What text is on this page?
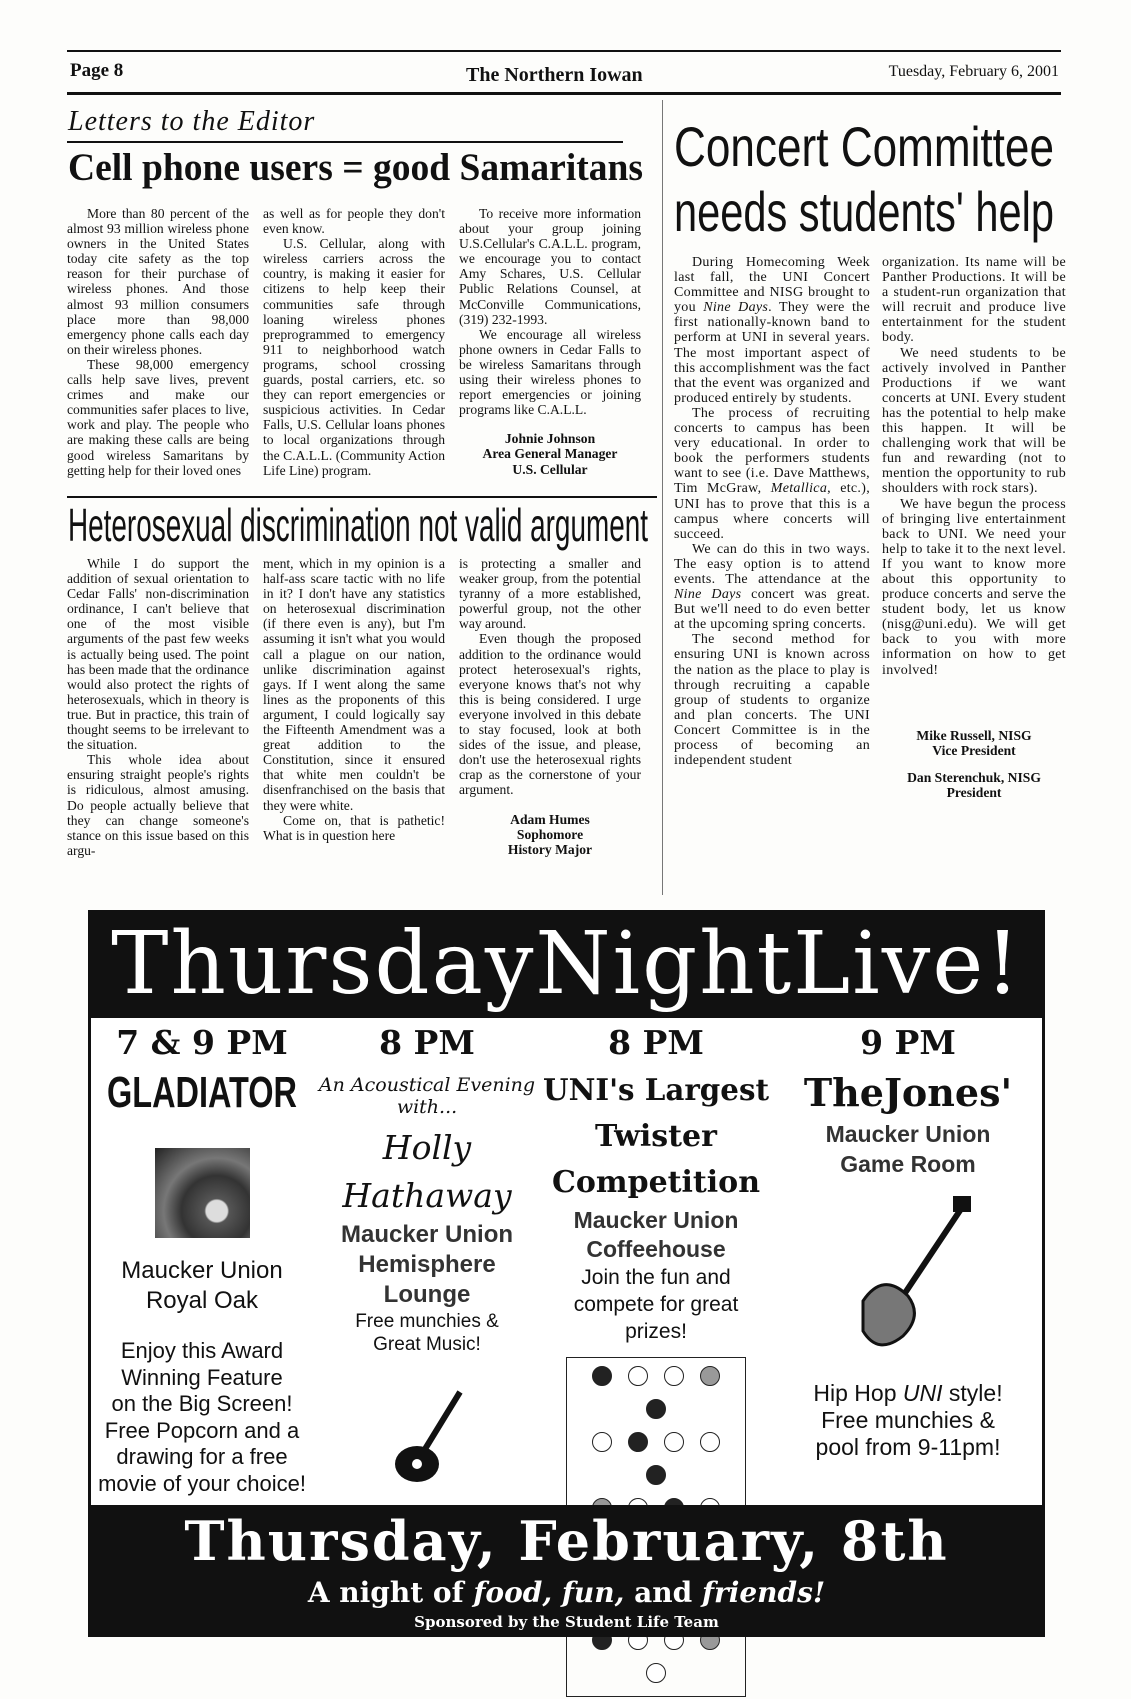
Page 8	The Northern Iowan	Tuesday, February 6, 2001
Letters to the Editor
Cell phone users = good Samaritans

More than 80 percent of the almost 93 million wireless phone owners in the United States today cite safety as the top reason for their purchase of wireless phones. And those almost 93 million consumers place more than 98,000 emergency phone calls each day on their wireless phones.

These 98,000 emergency calls help save lives, prevent crimes and make our communities safer places to live, work and play. The people who are making these calls are being good wireless Samaritans by getting help for their loved ones

as well as for people they don't even know.

U.S. Cellular, along with wireless carriers across the country, is making it easier for citizens to help keep their communities safe through loaning wireless phones preprogrammed to emergency 911 to neighborhood watch programs, school crossing guards, postal carriers, etc. so they can report emergencies or suspicious activities. In Cedar Falls, U.S. Cellular loans phones to local organizations through the C.A.L.L. (Community Action Life Line) program.

To receive more information about your group joining U.S.Cellular's C.A.L.L. program, we encourage you to contact Amy Schares, U.S. Cellular Public Relations Counsel, at McConville Communications, (319) 232-1993.

We encourage all wireless phone owners in Cedar Falls to be wireless Samaritans through using their wireless phones to report emergencies or joining programs like C.A.L.L.

Johnie Johnson
Area General Manager
U.S. Cellular
Heterosexual discrimination not valid argument

While I do support the addition of sexual orientation to Cedar Falls' non-discrimination ordinance, I can't believe that one of the most visible arguments of the past few weeks is actually being used. The point has been made that the ordinance would also protect the rights of heterosexuals, which in theory is true. But in practice, this train of thought seems to be irrelevant to the situation.

This whole idea about ensuring straight people's rights is ridiculous, almost amusing. Do people actually believe that they can change someone's stance on this issue based on this argu-

ment, which in my opinion is a half-ass scare tactic with no life in it? I don't have any statistics on heterosexual discrimination (if there even is any), but I'm assuming it isn't what you would call a plague on our nation, unlike discrimination against gays. If I went along the same lines as the proponents of this argument, I could logically say the Fifteenth Amendment was a great addition to the Constitution, since it ensured that white men couldn't be disenfranchised on the basis that they were white.

Come on, that is pathetic! What is in question here

is protecting a smaller and weaker group, from the potential tyranny of a more established, powerful group, not the other way around.

Even though the proposed addition to the ordinance would protect heterosexual's rights, everyone knows that's not why this is being considered. I urge everyone involved in this debate to stay focused, look at both sides of the issue, and please, don't use the heterosexual rights crap as the cornerstone of your argument.

Adam Humes
Sophomore
History Major
Concert Committee
needs students' help

During Homecoming Week last fall, the UNI Concert Committee and NISG brought to you Nine Days. They were the first nationally-known band to perform at UNI in several years. The most important aspect of this accomplishment was the fact that the event was organized and produced entirely by students.

The process of recruiting concerts to campus has been very educational. In order to book the performers students want to see (i.e. Dave Matthews, Tim McGraw, Metallica, etc.), UNI has to prove that this is a campus where concerts will succeed.

We can do this in two ways. The easy option is to attend events. The attendance at the Nine Days concert was great. But we'll need to do even better at the upcoming spring concerts.

The second method for ensuring UNI is known across the nation as the place to play is through recruiting a capable group of students to organize and plan concerts. The UNI Concert Committee is in the process of becoming an independent student

organization. Its name will be Panther Productions. It will be a student-run organization that will recruit and produce live entertainment for the student body.

We need students to be actively involved in Panther Productions if we want concerts at UNI. Every student has the potential to help make this happen. It will be challenging work that will be fun and rewarding (not to mention the opportunity to rub shoulders with rock stars).

We have begun the process of bringing live entertainment back to UNI. We need your help to take it to the next level. If you want to know more about this opportunity to produce concerts and serve the student body, let us know (nisg@uni.edu). We will get back to you with more information on how to get involved!

Mike Russell, NISG
Vice President
Dan Sterenchuk, NISG
President
ThursdayNightLive!
7 & 9 PM
GLADIATOR
Maucker Union
Royal Oak
Enjoy this Award
Winning Feature
on the Big Screen!
Free Popcorn and a
drawing for a free
movie of your choice!
8 PM
An Acoustical Evening
with...
Holly
Hathaway
Maucker Union
Hemisphere
Lounge
Free munchies &
Great Music!
8 PM
UNI's Largest
Twister
Competition
Maucker Union
Coffeehouse
Join the fun and
compete for great
prizes!
9 PM
TheJones'
Maucker Union
Game Room
Hip Hop UNI style!
Free munchies &
pool from 9-11pm!
Thursday, February, 8th
A night of food, fun, and friends!
Sponsored by the Student Life Team
